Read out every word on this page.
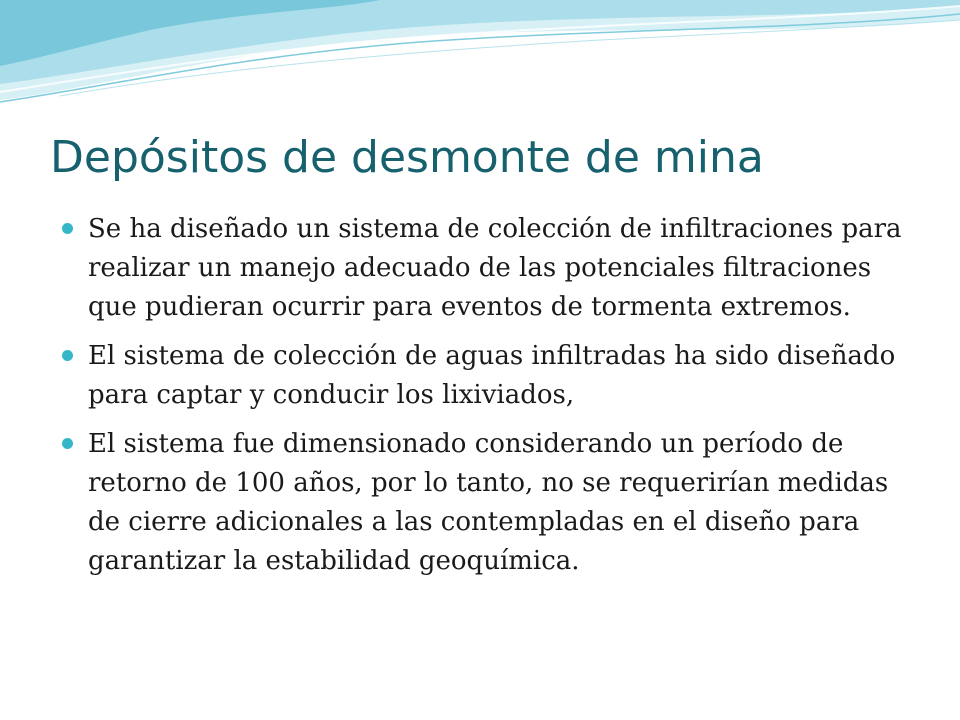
Depósitos de desmonte de mina
Se ha diseñado un sistema de colección de infiltraciones para realizar un manejo adecuado de las potenciales filtraciones que pudieran ocurrir para eventos de tormenta extremos.
El sistema de colección de aguas infiltradas ha sido diseñado para captar y conducir los lixiviados,
El sistema fue dimensionado considerando un período de retorno de 100 años, por lo tanto, no se requerirían medidas de cierre adicionales a las contempladas en el diseño para garantizar la estabilidad geoquímica.
